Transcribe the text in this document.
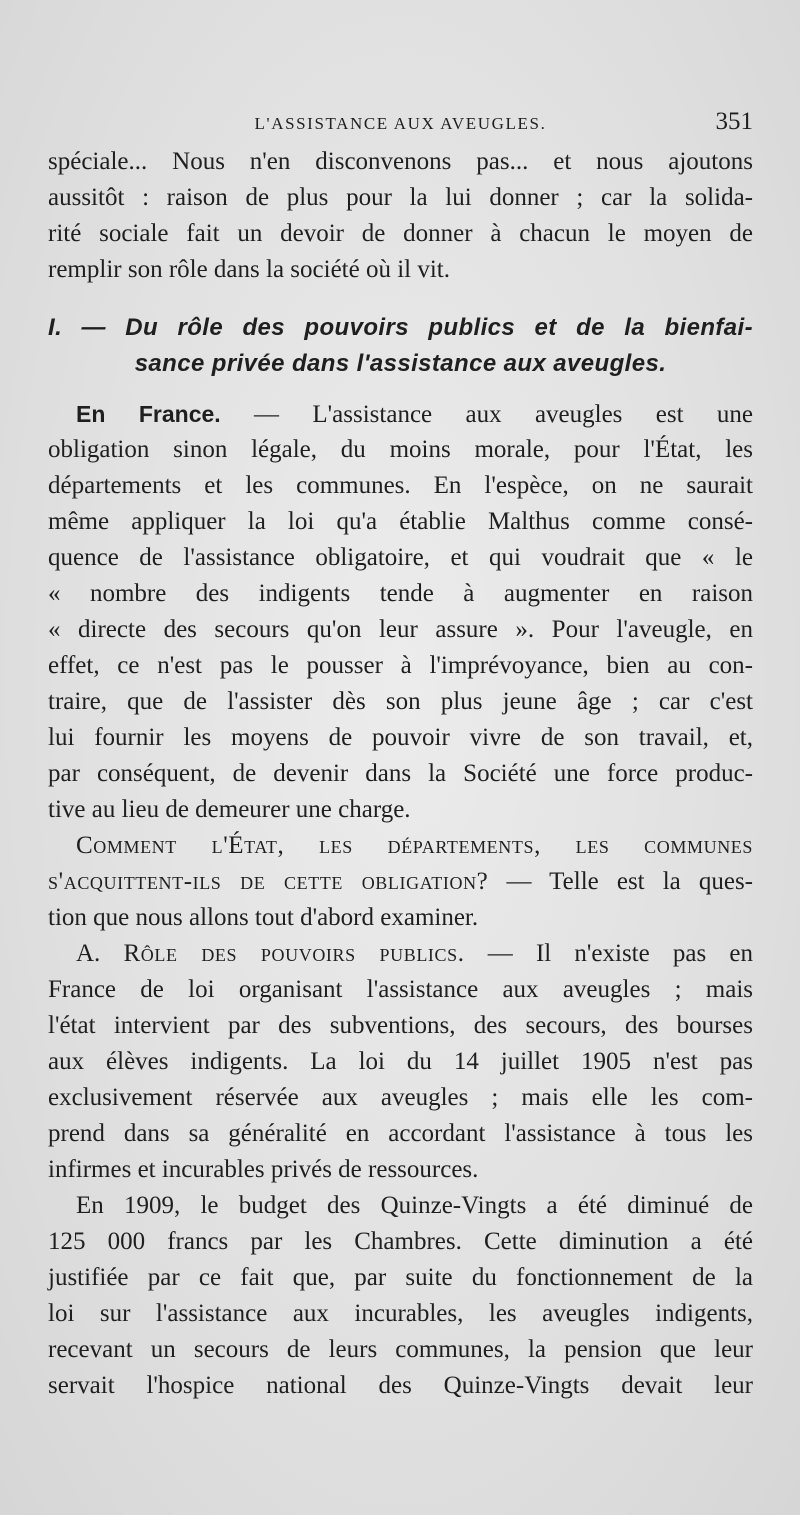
L'ASSISTANCE AUX AVEUGLES.	351
spéciale... Nous n'en disconvenons pas... et nous ajoutons
aussitôt : raison de plus pour la lui donner ; car la solida-
rité sociale fait un devoir de donner à chacun le moyen de
remplir son rôle dans la société où il vit.
I. — Du rôle des pouvoirs publics et de la bienfai-
sance privée dans l'assistance aux aveugles.
En France. — L'assistance aux aveugles est une
obligation sinon légale, du moins morale, pour l'État, les
départements et les communes. En l'espèce, on ne saurait
même appliquer la loi qu'a établie Malthus comme consé-
quence de l'assistance obligatoire, et qui voudrait que « le
« nombre des indigents tende à augmenter en raison
« directe des secours qu'on leur assure ». Pour l'aveugle, en
effet, ce n'est pas le pousser à l'imprévoyance, bien au con-
traire, que de l'assister dès son plus jeune âge ; car c'est
lui fournir les moyens de pouvoir vivre de son travail, et,
par conséquent, de devenir dans la Société une force produc-
tive au lieu de demeurer une charge.
Comment l'État, les départements, les communes
s'acquittent-ils de cette obligation? — Telle est la ques-
tion que nous allons tout d'abord examiner.
A. Rôle des pouvoirs publics. — Il n'existe pas en
France de loi organisant l'assistance aux aveugles ; mais
l'état intervient par des subventions, des secours, des bourses
aux élèves indigents. La loi du 14 juillet 1905 n'est pas
exclusivement réservée aux aveugles ; mais elle les com-
prend dans sa généralité en accordant l'assistance à tous les
infirmes et incurables privés de ressources.
En 1909, le budget des Quinze-Vingts a été diminué de
125 000 francs par les Chambres. Cette diminution a été
justifiée par ce fait que, par suite du fonctionnement de la
loi sur l'assistance aux incurables, les aveugles indigents,
recevant un secours de leurs communes, la pension que leur
servait l'hospice national des Quinze-Vingts devait leur
